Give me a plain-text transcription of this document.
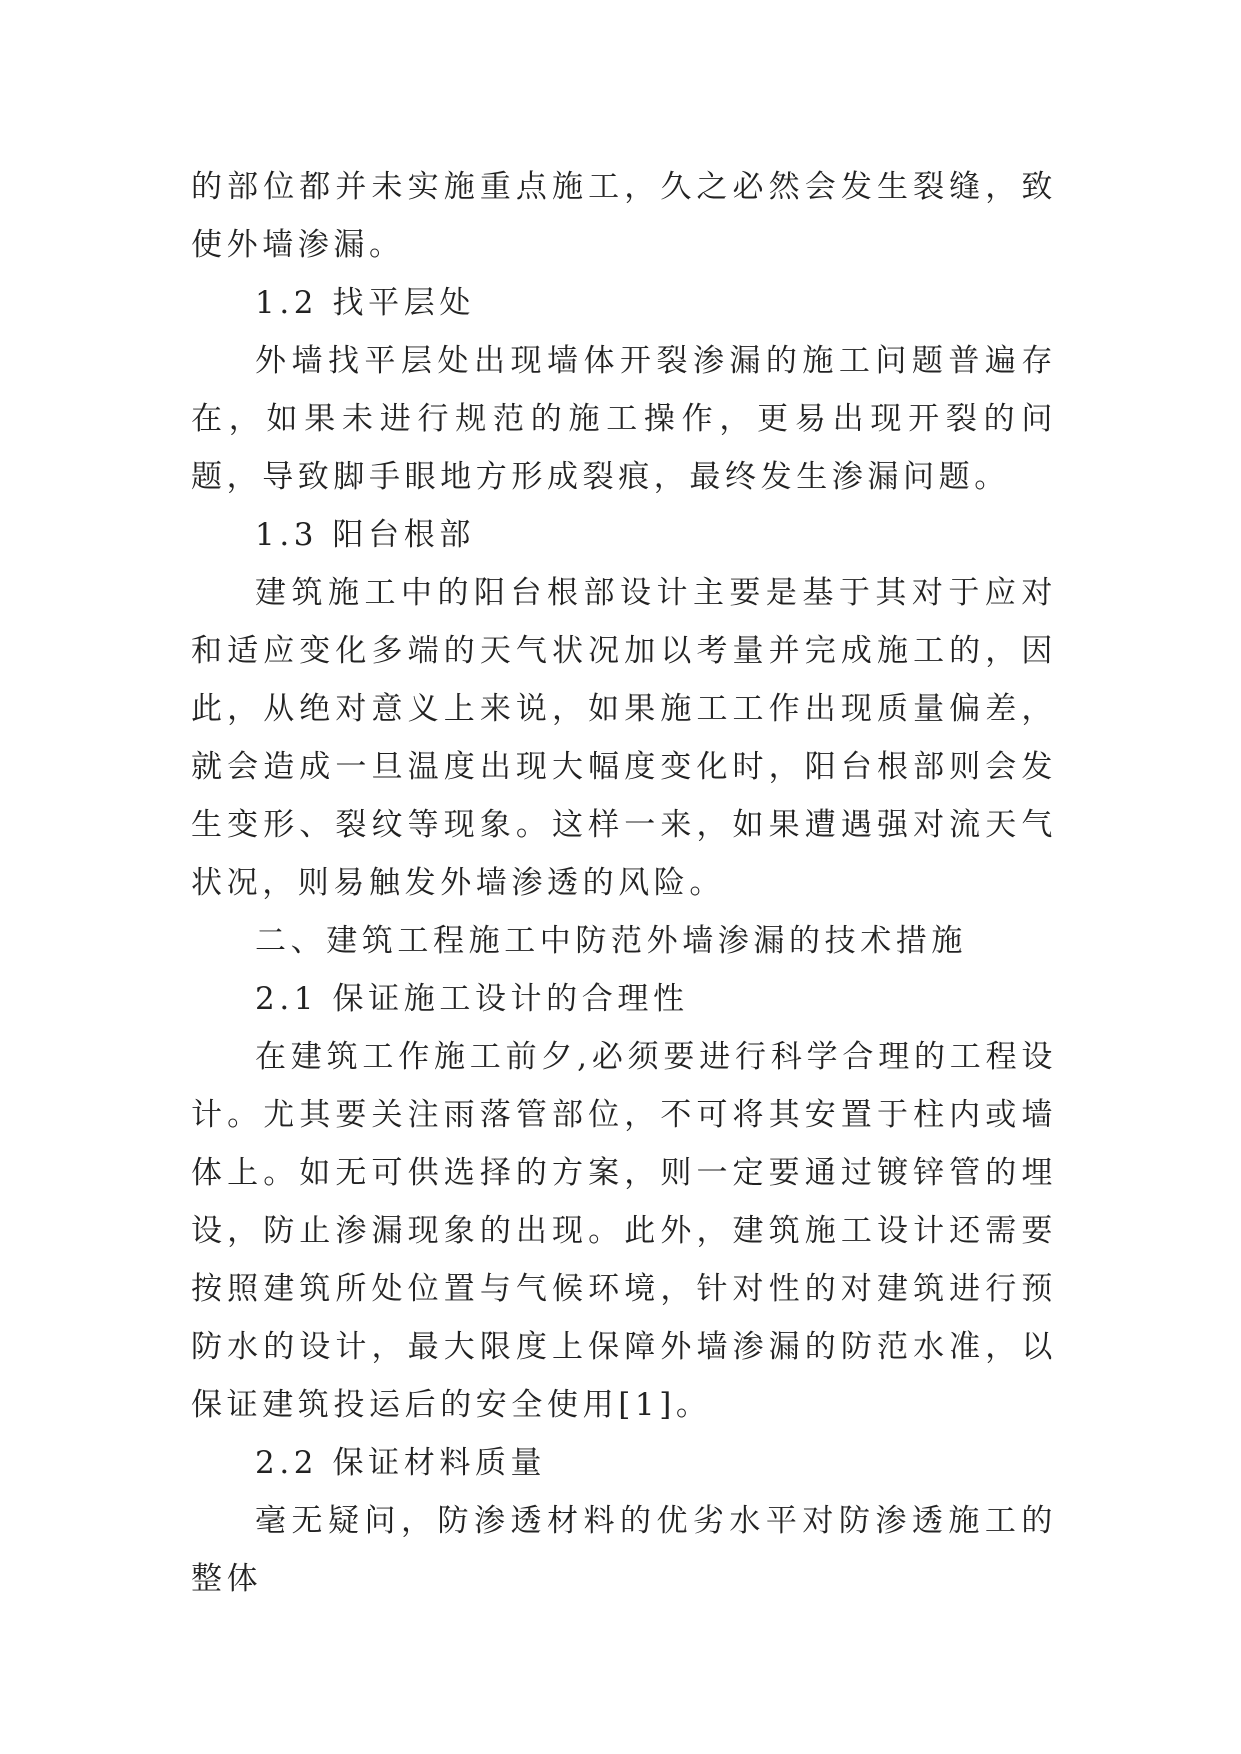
的部位都并未实施重点施工，久之必然会发生裂缝，致使外墙渗漏。

1.2 找平层处

外墙找平层处出现墙体开裂渗漏的施工问题普遍存在，如果未进行规范的施工操作，更易出现开裂的问题，导致脚手眼地方形成裂痕，最终发生渗漏问题。

1.3 阳台根部

建筑施工中的阳台根部设计主要是基于其对于应对和适应变化多端的天气状况加以考量并完成施工的，因此，从绝对意义上来说，如果施工工作出现质量偏差，就会造成一旦温度出现大幅度变化时，阳台根部则会发生变形、裂纹等现象。这样一来，如果遭遇强对流天气状况，则易触发外墙渗透的风险。

二、建筑工程施工中防范外墙渗漏的技术措施

2.1 保证施工设计的合理性

在建筑工作施工前夕,必须要进行科学合理的工程设计。尤其要关注雨落管部位，不可将其安置于柱内或墙体上。如无可供选择的方案，则一定要通过镀锌管的埋设，防止渗漏现象的出现。此外，建筑施工设计还需要按照建筑所处位置与气候环境，针对性的对建筑进行预防水的设计，最大限度上保障外墙渗漏的防范水准，以保证建筑投运后的安全使用[1]。

2.2 保证材料质量

毫无疑问，防渗透材料的优劣水平对防渗透施工的整体
